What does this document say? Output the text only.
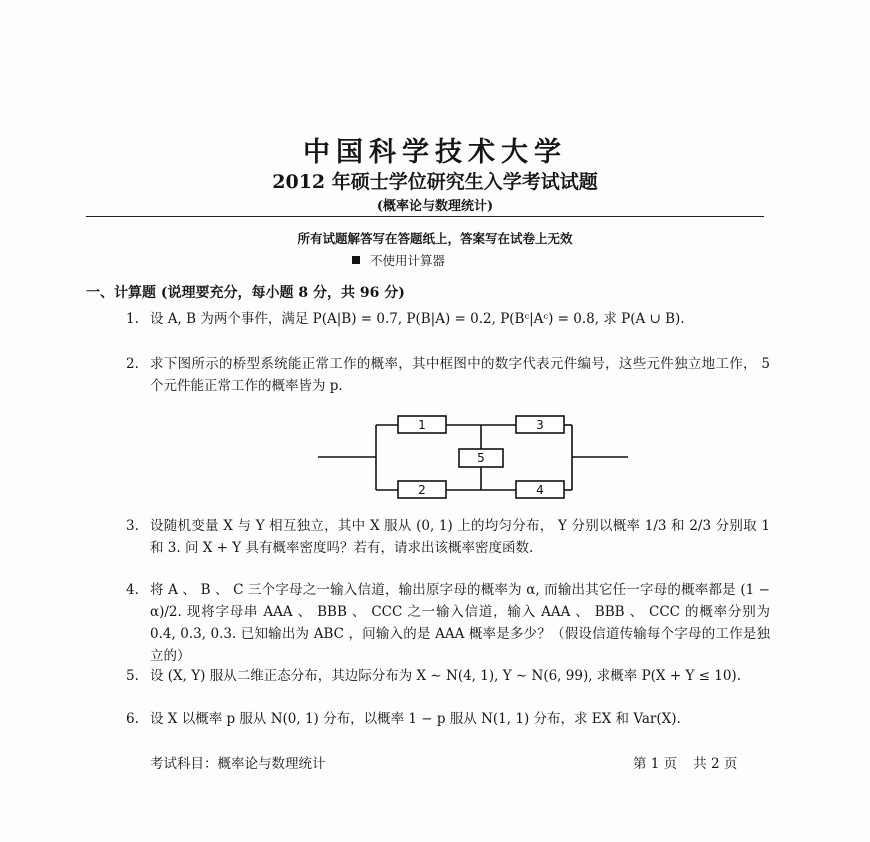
中国科学技术大学
2012 年硕士学位研究生入学考试试题
(概率论与数理统计)
所有试题解答写在答题纸上，答案写在试卷上无效
不使用计算器
一、计算题 (说理要充分，每小题 8 分，共 96 分)
1. 设 A, B 为两个事件，满足 P(A|B) = 0.7, P(B|A) = 0.2, P(Bᶜ|Aᶜ) = 0.8, 求 P(A ∪ B).
2. 求下图所示的桥型系统能正常工作的概率，其中框图中的数字代表元件编号，这些元件独立地工作， 5 个元件能正常工作的概率皆为 p.
1	3
5
2	4
3. 设随机变量 X 与 Y 相互独立，其中 X 服从 (0, 1) 上的均匀分布， Y 分别以概率 1/3 和 2/3 分别取 1 和 3. 问 X + Y 具有概率密度吗？若有，请求出该概率密度函数.
4. 将 A 、 B 、 C 三个字母之一输入信道，输出原字母的概率为 α, 而输出其它任一字母的概率都是 (1 − α)/2. 现将字母串 AAA 、 BBB 、 CCC 之一输入信道，输入 AAA 、 BBB 、 CCC 的概率分别为 0.4, 0.3, 0.3. 已知输出为 ABC ，问输入的是 AAA 概率是多少？（假设信道传输每个字母的工作是独立的）
5. 设 (X, Y) 服从二维正态分布，其边际分布为 X ∼ N(4, 1), Y ∼ N(6, 99), 求概率 P(X + Y ≤ 10).
6. 设 X 以概率 p 服从 N(0, 1) 分布，以概率 1 − p 服从 N(1, 1) 分布，求 EX 和 Var(X).
考试科目：概率论与数理统计	第 1 页 共 2 页
